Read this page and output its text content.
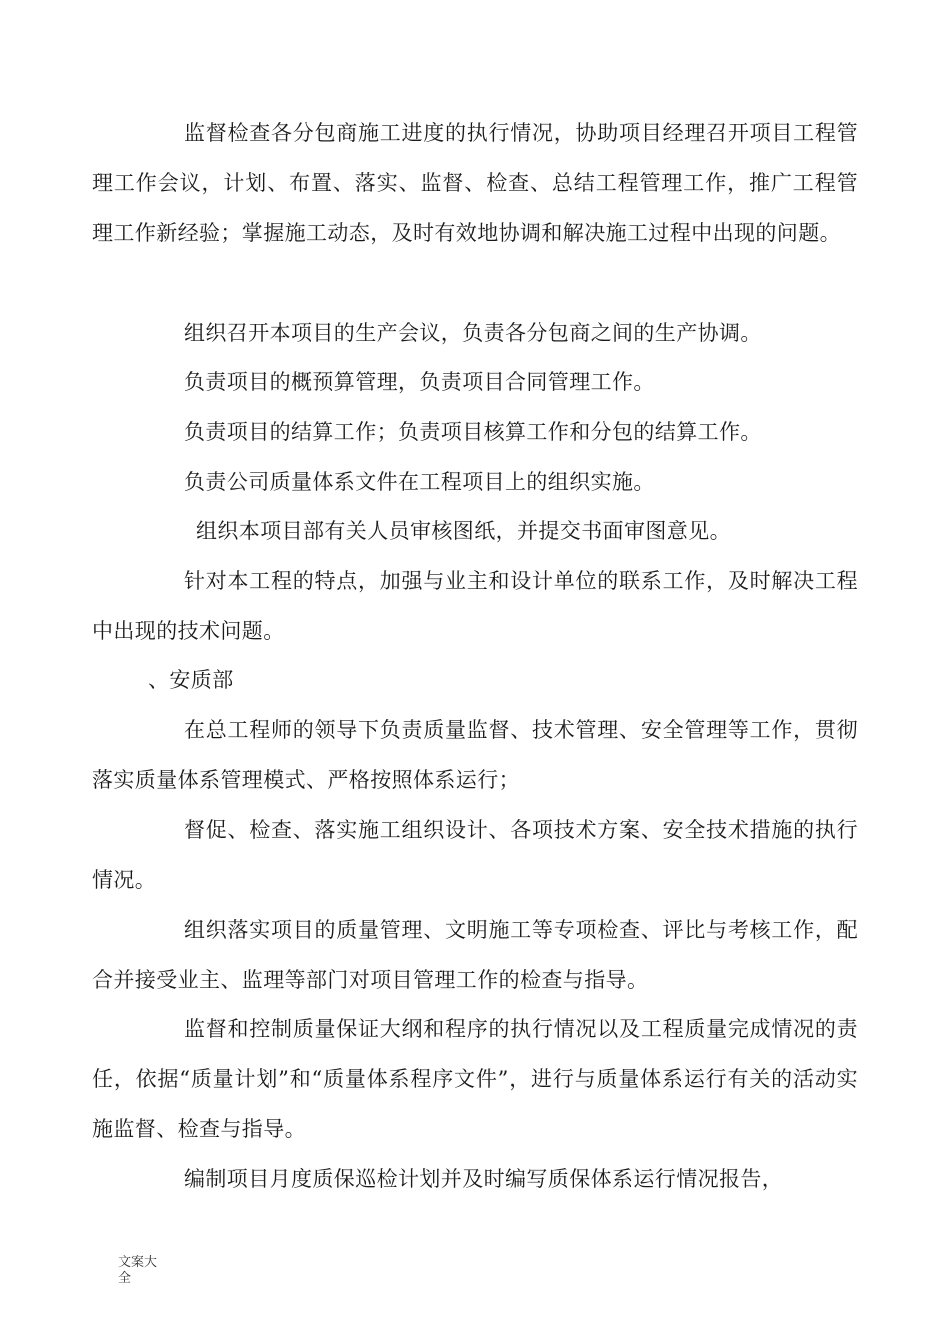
监督检查各分包商施工进度的执行情况，协助项目经理召开项目工程管理工作会议，计划、布置、落实、监督、检查、总结工程管理工作，推广工程管理工作新经验；掌握施工动态，及时有效地协调和解决施工过程中出现的问题。

组织召开本项目的生产会议，负责各分包商之间的生产协调。

负责项目的概预算管理，负责项目合同管理工作。

负责项目的结算工作；负责项目核算工作和分包的结算工作。

负责公司质量体系文件在工程项目上的组织实施。

组织本项目部有关人员审核图纸，并提交书面审图意见。

针对本工程的特点，加强与业主和设计单位的联系工作，及时解决工程中出现的技术问题。

、安质部

在总工程师的领导下负责质量监督、技术管理、安全管理等工作，贯彻落实质量体系管理模式、严格按照体系运行；

督促、检查、落实施工组织设计、各项技术方案、安全技术措施的执行情况。

组织落实项目的质量管理、文明施工等专项检查、评比与考核工作，配合并接受业主、监理等部门对项目管理工作的检查与指导。

监督和控制质量保证大纲和程序的执行情况以及工程质量完成情况的责任，依据“质量计划”和“质量体系程序文件”，进行与质量体系运行有关的活动实施监督、检查与指导。

编制项目月度质保巡检计划并及时编写质保体系运行情况报告，

文案大全
